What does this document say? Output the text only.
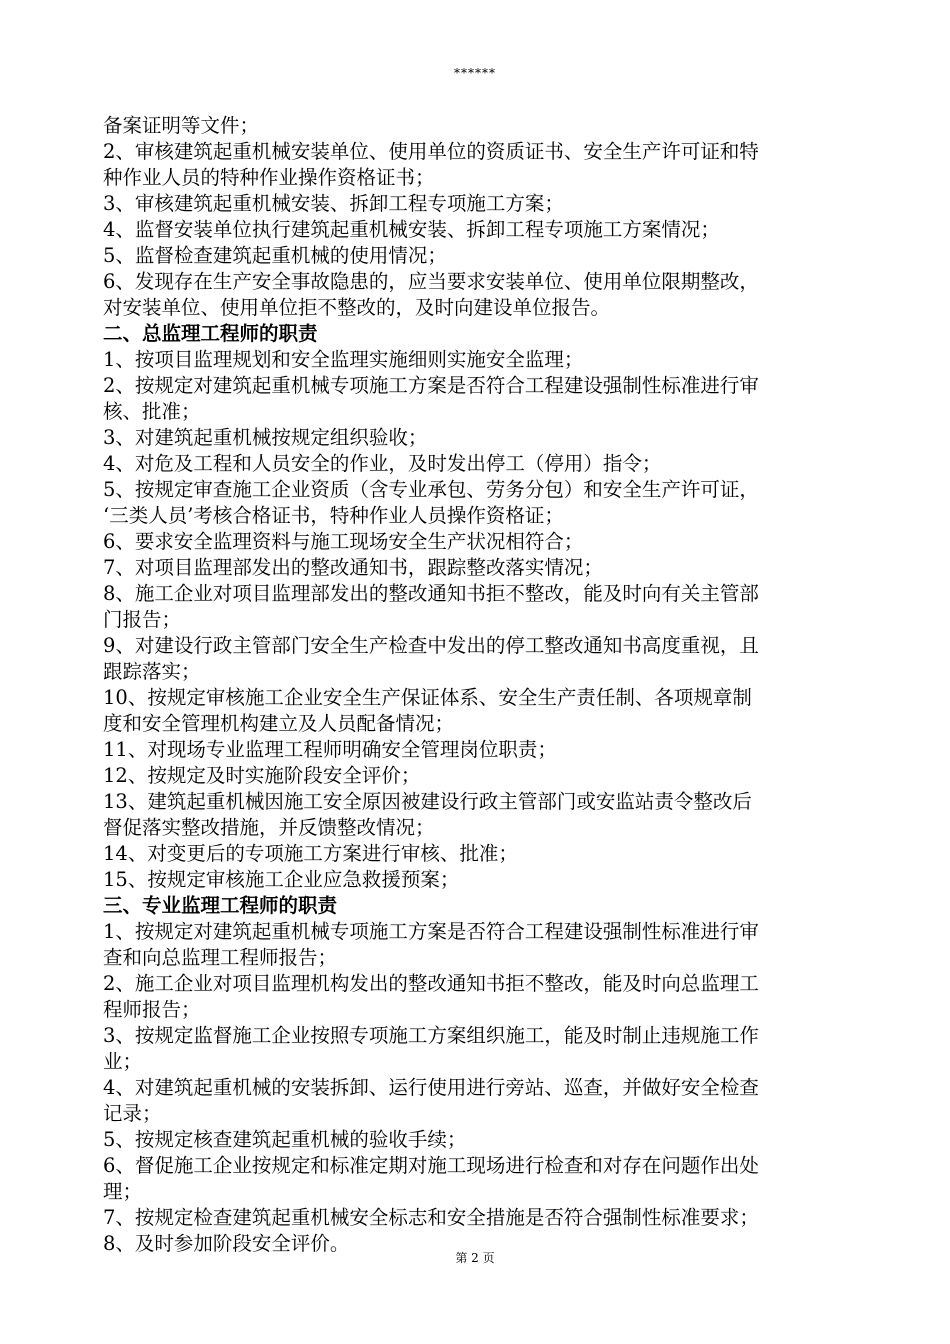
******
备案证明等文件；
2、审核建筑起重机械安装单位、使用单位的资质证书、安全生产许可证和特
种作业人员的特种作业操作资格证书；
3、审核建筑起重机械安装、拆卸工程专项施工方案；
4、监督安装单位执行建筑起重机械安装、拆卸工程专项施工方案情况；
5、监督检查建筑起重机械的使用情况；
6、发现存在生产安全事故隐患的，应当要求安装单位、使用单位限期整改，
对安装单位、使用单位拒不整改的，及时向建设单位报告。
二、总监理工程师的职责
1、按项目监理规划和安全监理实施细则实施安全监理；
2、按规定对建筑起重机械专项施工方案是否符合工程建设强制性标准进行审
核、批准；
3、对建筑起重机械按规定组织验收；
4、对危及工程和人员安全的作业，及时发出停工（停用）指令；
5、按规定审查施工企业资质（含专业承包、劳务分包）和安全生产许可证，
‘三类人员’考核合格证书，特种作业人员操作资格证；
6、要求安全监理资料与施工现场安全生产状况相符合；
7、对项目监理部发出的整改通知书，跟踪整改落实情况；
8、施工企业对项目监理部发出的整改通知书拒不整改，能及时向有关主管部
门报告；
9、对建设行政主管部门安全生产检查中发出的停工整改通知书高度重视，且
跟踪落实；
10、按规定审核施工企业安全生产保证体系、安全生产责任制、各项规章制
度和安全管理机构建立及人员配备情况；
11、对现场专业监理工程师明确安全管理岗位职责；
12、按规定及时实施阶段安全评价；
13、建筑起重机械因施工安全原因被建设行政主管部门或安监站责令整改后
督促落实整改措施，并反馈整改情况；
14、对变更后的专项施工方案进行审核、批准；
15、按规定审核施工企业应急救援预案；
三、专业监理工程师的职责
1、按规定对建筑起重机械专项施工方案是否符合工程建设强制性标准进行审
查和向总监理工程师报告；
2、施工企业对项目监理机构发出的整改通知书拒不整改，能及时向总监理工
程师报告；
3、按规定监督施工企业按照专项施工方案组织施工，能及时制止违规施工作
业；
4、对建筑起重机械的安装拆卸、运行使用进行旁站、巡查，并做好安全检查
记录；
5、按规定核查建筑起重机械的验收手续；
6、督促施工企业按规定和标准定期对施工现场进行检查和对存在问题作出处
理；
7、按规定检查建筑起重机械安全标志和安全措施是否符合强制性标准要求；
8、及时参加阶段安全评价。
第 2 页
